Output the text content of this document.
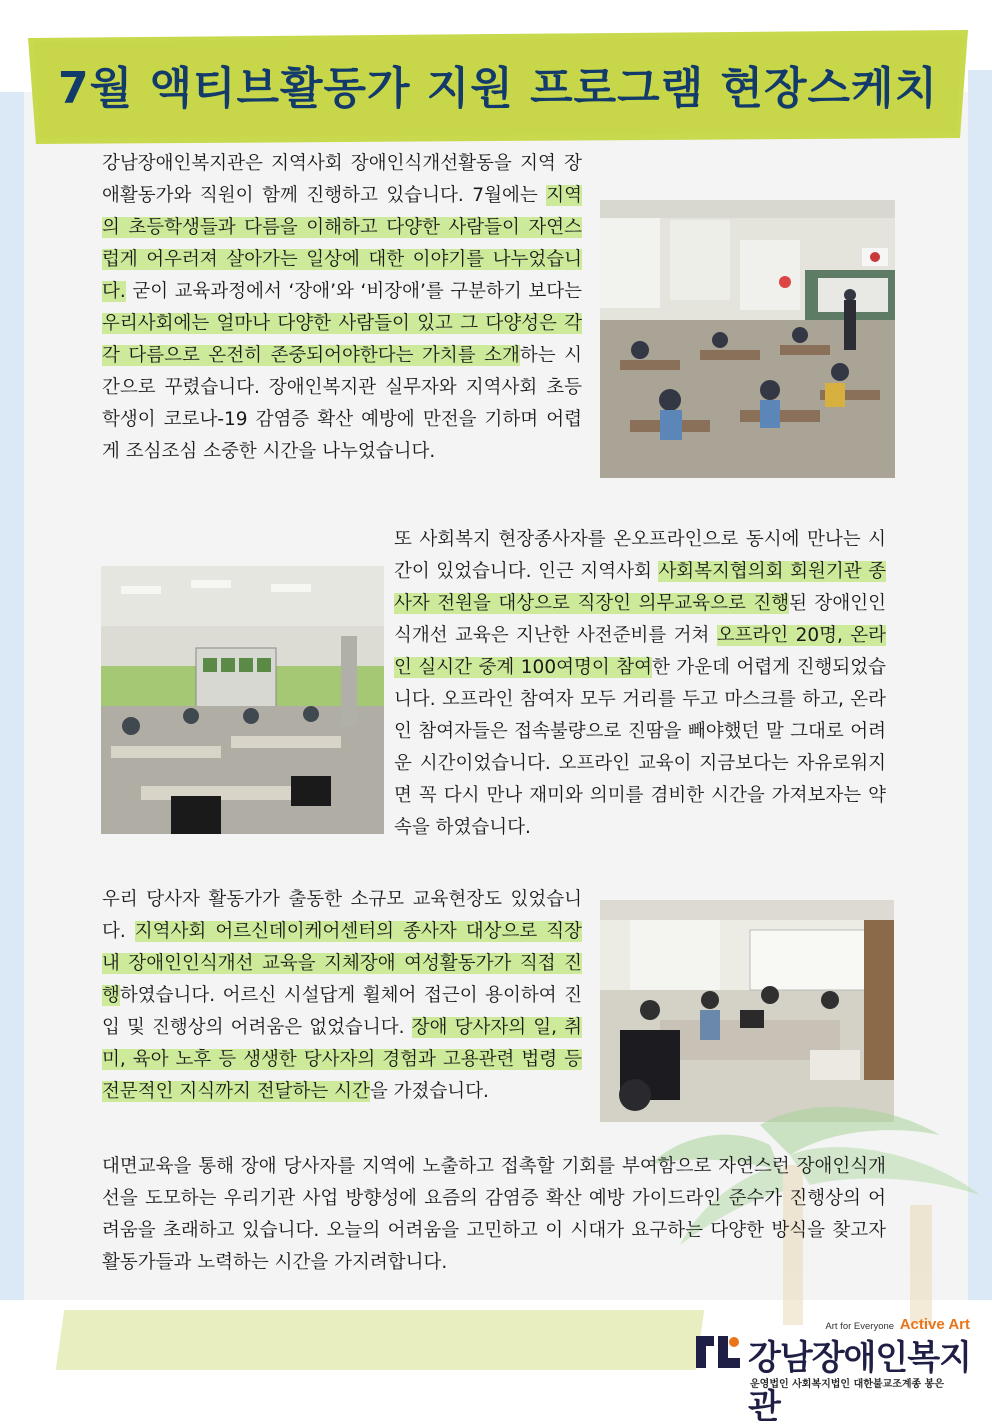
7월 액티브활동가 지원 프로그램 현장스케치

강남장애인복지관은 지역사회 장애인식개선활동을 지역 장애활동가와 직원이 함께 진행하고 있습니다. 7월에는 지역의 초등학생들과 다름을 이해하고 다양한 사람들이 자연스럽게 어우러져 살아가는 일상에 대한 이야기를 나누었습니다. 굳이 교육과정에서 ‘장애’와 ‘비장애’를 구분하기 보다는 우리사회에는 얼마나 다양한 사람들이 있고 그 다양성은 각각 다름으로 온전히 존중되어야한다는 가치를 소개하는 시간으로 꾸렸습니다. 장애인복지관 실무자와 지역사회 초등학생이 코로나-19 감염증 확산 예방에 만전을 기하며 어렵게 조심조심 소중한 시간을 나누었습니다.

또 사회복지 현장종사자를 온오프라인으로 동시에 만나는 시간이 있었습니다. 인근 지역사회 사회복지협의회 회원기관 종사자 전원을 대상으로 직장인 의무교육으로 진행된 장애인인식개선 교육은 지난한 사전준비를 거쳐 오프라인 20명, 온라인 실시간 중계 100여명이 참여한 가운데 어렵게 진행되었습니다. 오프라인 참여자 모두 거리를 두고 마스크를 하고, 온라인 참여자들은 접속불량으로 진땀을 빼야했던 말 그대로 어려운 시간이었습니다. 오프라인 교육이 지금보다는 자유로워지면 꼭 다시 만나 재미와 의미를 겸비한 시간을 가져보자는 약속을 하였습니다.

우리 당사자 활동가가 출동한 소규모 교육현장도 있었습니다. 지역사회 어르신데이케어센터의 종사자 대상으로 직장내 장애인인식개선 교육을 지체장애 여성활동가가 직접 진행하였습니다. 어르신 시설답게 휠체어 접근이 용이하여 진입 및 진행상의 어려움은 없었습니다. 장애 당사자의 일, 취미, 육아 노후 등 생생한 당사자의 경험과 고용관련 법령 등 전문적인 지식까지 전달하는 시간을 가졌습니다.

대면교육을 통해 장애 당사자를 지역에 노출하고 접촉할 기회를 부여함으로 자연스런 장애인식개선을 도모하는 우리기관 사업 방향성에 요즘의 감염증 확산 예방 가이드라인 준수가 진행상의 어려움을 초래하고 있습니다. 오늘의 어려움을 고민하고 이 시대가 요구하는 다양한 방식을 찾고자 활동가들과 노력하는 시간을 가지려합니다.

Art for Everyone Active Art
강남장애인복지관
운영법인 사회복지법인 대한불교조계종 봉은
